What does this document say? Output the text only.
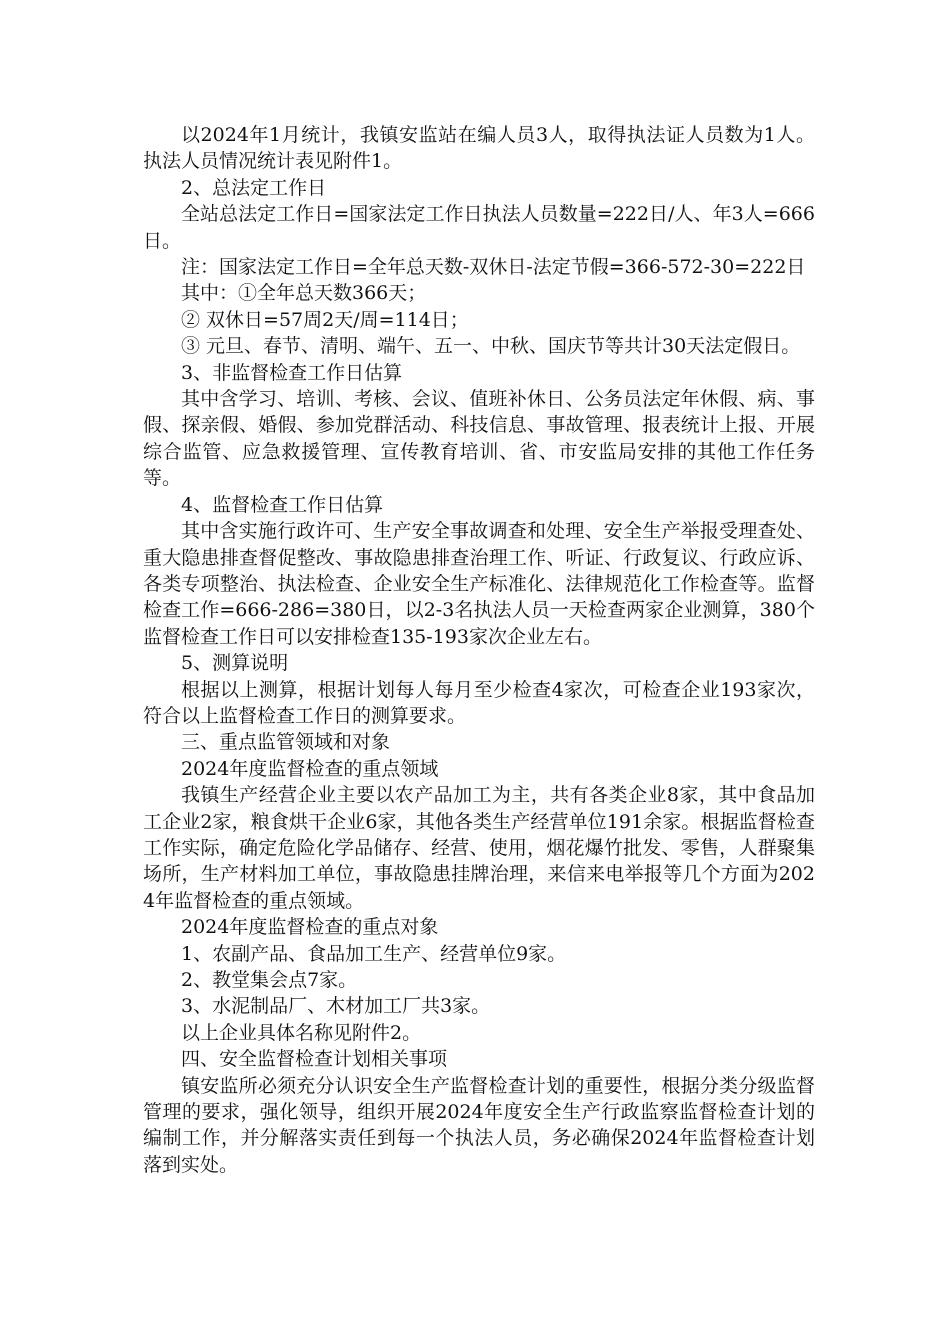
以2024年1月统计，我镇安监站在编人员3人，取得执法证人员数为1人。执法人员情况统计表见附件1。

2、总法定工作日

全站总法定工作日=国家法定工作日执法人员数量=222日/人、年3人=666日。

注：国家法定工作日=全年总天数-双休日-法定节假=366-572-30=222日

其中：①全年总天数366天；

② 双休日=57周2天/周=114日；

③ 元旦、春节、清明、端午、五一、中秋、国庆节等共计30天法定假日。

3、非监督检查工作日估算

其中含学习、培训、考核、会议、值班补休日、公务员法定年休假、病、事假、探亲假、婚假、参加党群活动、科技信息、事故管理、报表统计上报、开展综合监管、应急救援管理、宣传教育培训、省、市安监局安排的其他工作任务等。

4、监督检查工作日估算

其中含实施行政许可、生产安全事故调查和处理、安全生产举报受理查处、重大隐患排查督促整改、事故隐患排查治理工作、听证、行政复议、行政应诉、各类专项整治、执法检查、企业安全生产标准化、法律规范化工作检查等。监督检查工作=666-286=380日，以2-3名执法人员一天检查两家企业测算，380个监督检查工作日可以安排检查135-193家次企业左右。

5、测算说明

根据以上测算，根据计划每人每月至少检查4家次，可检查企业193家次，符合以上监督检查工作日的测算要求。

三、重点监管领域和对象

2024年度监督检查的重点领域

我镇生产经营企业主要以农产品加工为主，共有各类企业8家，其中食品加工企业2家，粮食烘干企业6家，其他各类生产经营单位191余家。根据监督检查工作实际，确定危险化学品储存、经营、使用，烟花爆竹批发、零售，人群聚集场所，生产材料加工单位，事故隐患挂牌治理，来信来电举报等几个方面为2024年监督检查的重点领域。

2024年度监督检查的重点对象

1、农副产品、食品加工生产、经营单位9家。

2、教堂集会点7家。

3、水泥制品厂、木材加工厂共3家。

以上企业具体名称见附件2。

四、安全监督检查计划相关事项

镇安监所必须充分认识安全生产监督检查计划的重要性，根据分类分级监督管理的要求，强化领导，组织开展2024年度安全生产行政监察监督检查计划的编制工作，并分解落实责任到每一个执法人员，务必确保2024年监督检查计划落到实处。
